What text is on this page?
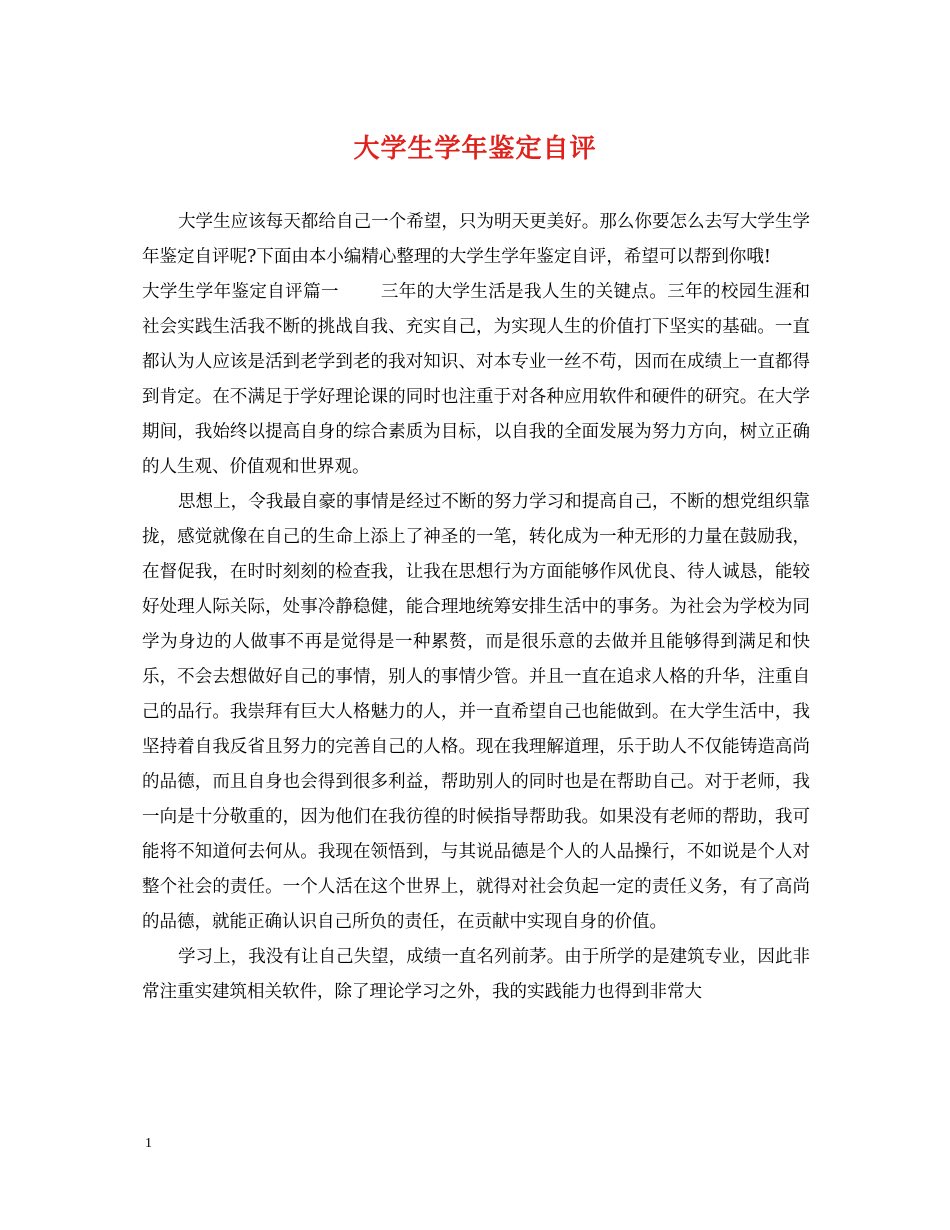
大学生学年鉴定自评

大学生应该每天都给自己一个希望，只为明天更美好。那么你要怎么去写大学生学年鉴定自评呢?下面由本小编精心整理的大学生学年鉴定自评，希望可以帮到你哦!

大学生学年鉴定自评篇一 三年的大学生活是我人生的关键点。三年的校园生涯和社会实践生活我不断的挑战自我、充实自己，为实现人生的价值打下坚实的基础。一直都认为人应该是活到老学到老的我对知识、对本专业一丝不苟，因而在成绩上一直都得到肯定。在不满足于学好理论课的同时也注重于对各种应用软件和硬件的研究。在大学期间，我始终以提高自身的综合素质为目标，以自我的全面发展为努力方向，树立正确的人生观、价值观和世界观。

思想上，令我最自豪的事情是经过不断的努力学习和提高自己，不断的想党组织靠拢，感觉就像在自己的生命上添上了神圣的一笔，转化成为一种无形的力量在鼓励我，在督促我，在时时刻刻的检查我，让我在思想行为方面能够作风优良、待人诚恳，能较好处理人际关际，处事冷静稳健，能合理地统筹安排生活中的事务。为社会为学校为同学为身边的人做事不再是觉得是一种累赘，而是很乐意的去做并且能够得到满足和快乐，不会去想做好自己的事情，别人的事情少管。并且一直在追求人格的升华，注重自己的品行。我崇拜有巨大人格魅力的人，并一直希望自己也能做到。在大学生活中，我坚持着自我反省且努力的完善自己的人格。现在我理解道理，乐于助人不仅能铸造高尚的品德，而且自身也会得到很多利益，帮助别人的同时也是在帮助自己。对于老师，我一向是十分敬重的，因为他们在我彷徨的时候指导帮助我。如果没有老师的帮助，我可能将不知道何去何从。我现在领悟到，与其说品德是个人的人品操行，不如说是个人对整个社会的责任。一个人活在这个世界上，就得对社会负起一定的责任义务，有了高尚的品德，就能正确认识自己所负的责任，在贡献中实现自身的价值。

学习上，我没有让自己失望，成绩一直名列前茅。由于所学的是建筑专业，因此非常注重实建筑相关软件，除了理论学习之外，我的实践能力也得到非常大

1
